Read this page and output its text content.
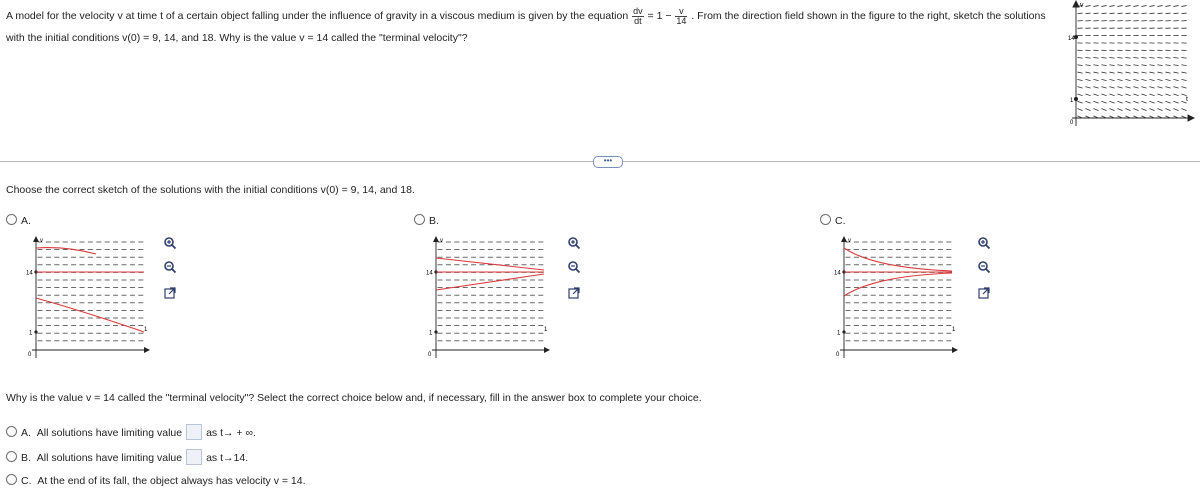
A model for the velocity v at time t of a certain object falling under the influence of gravity in a viscous medium is given by the equation $\frac{dv}{dt} = 1 - \frac{v}{14}$ . From the direction field shown in the figure to the right, sketch the solutions with the initial conditions v(0) = 9, 14, and 18. Why is the value v = 14 called the "terminal velocity"?
v
14
1
0
t
•••
Choose the correct sketch of the solutions with the initial conditions v(0) = 9, 14, and 18.
A.
v
14
1
0
1
B.
v
14
1
0
1
C.
v
14
1
0
1
Why is the value v = 14 called the "terminal velocity"? Select the correct choice below and, if necessary, fill in the answer box to complete your choice.
A. All solutions have limiting value as t→ + ∞.
B. All solutions have limiting value as t→14.
C. At the end of its fall, the object always has velocity v = 14.
